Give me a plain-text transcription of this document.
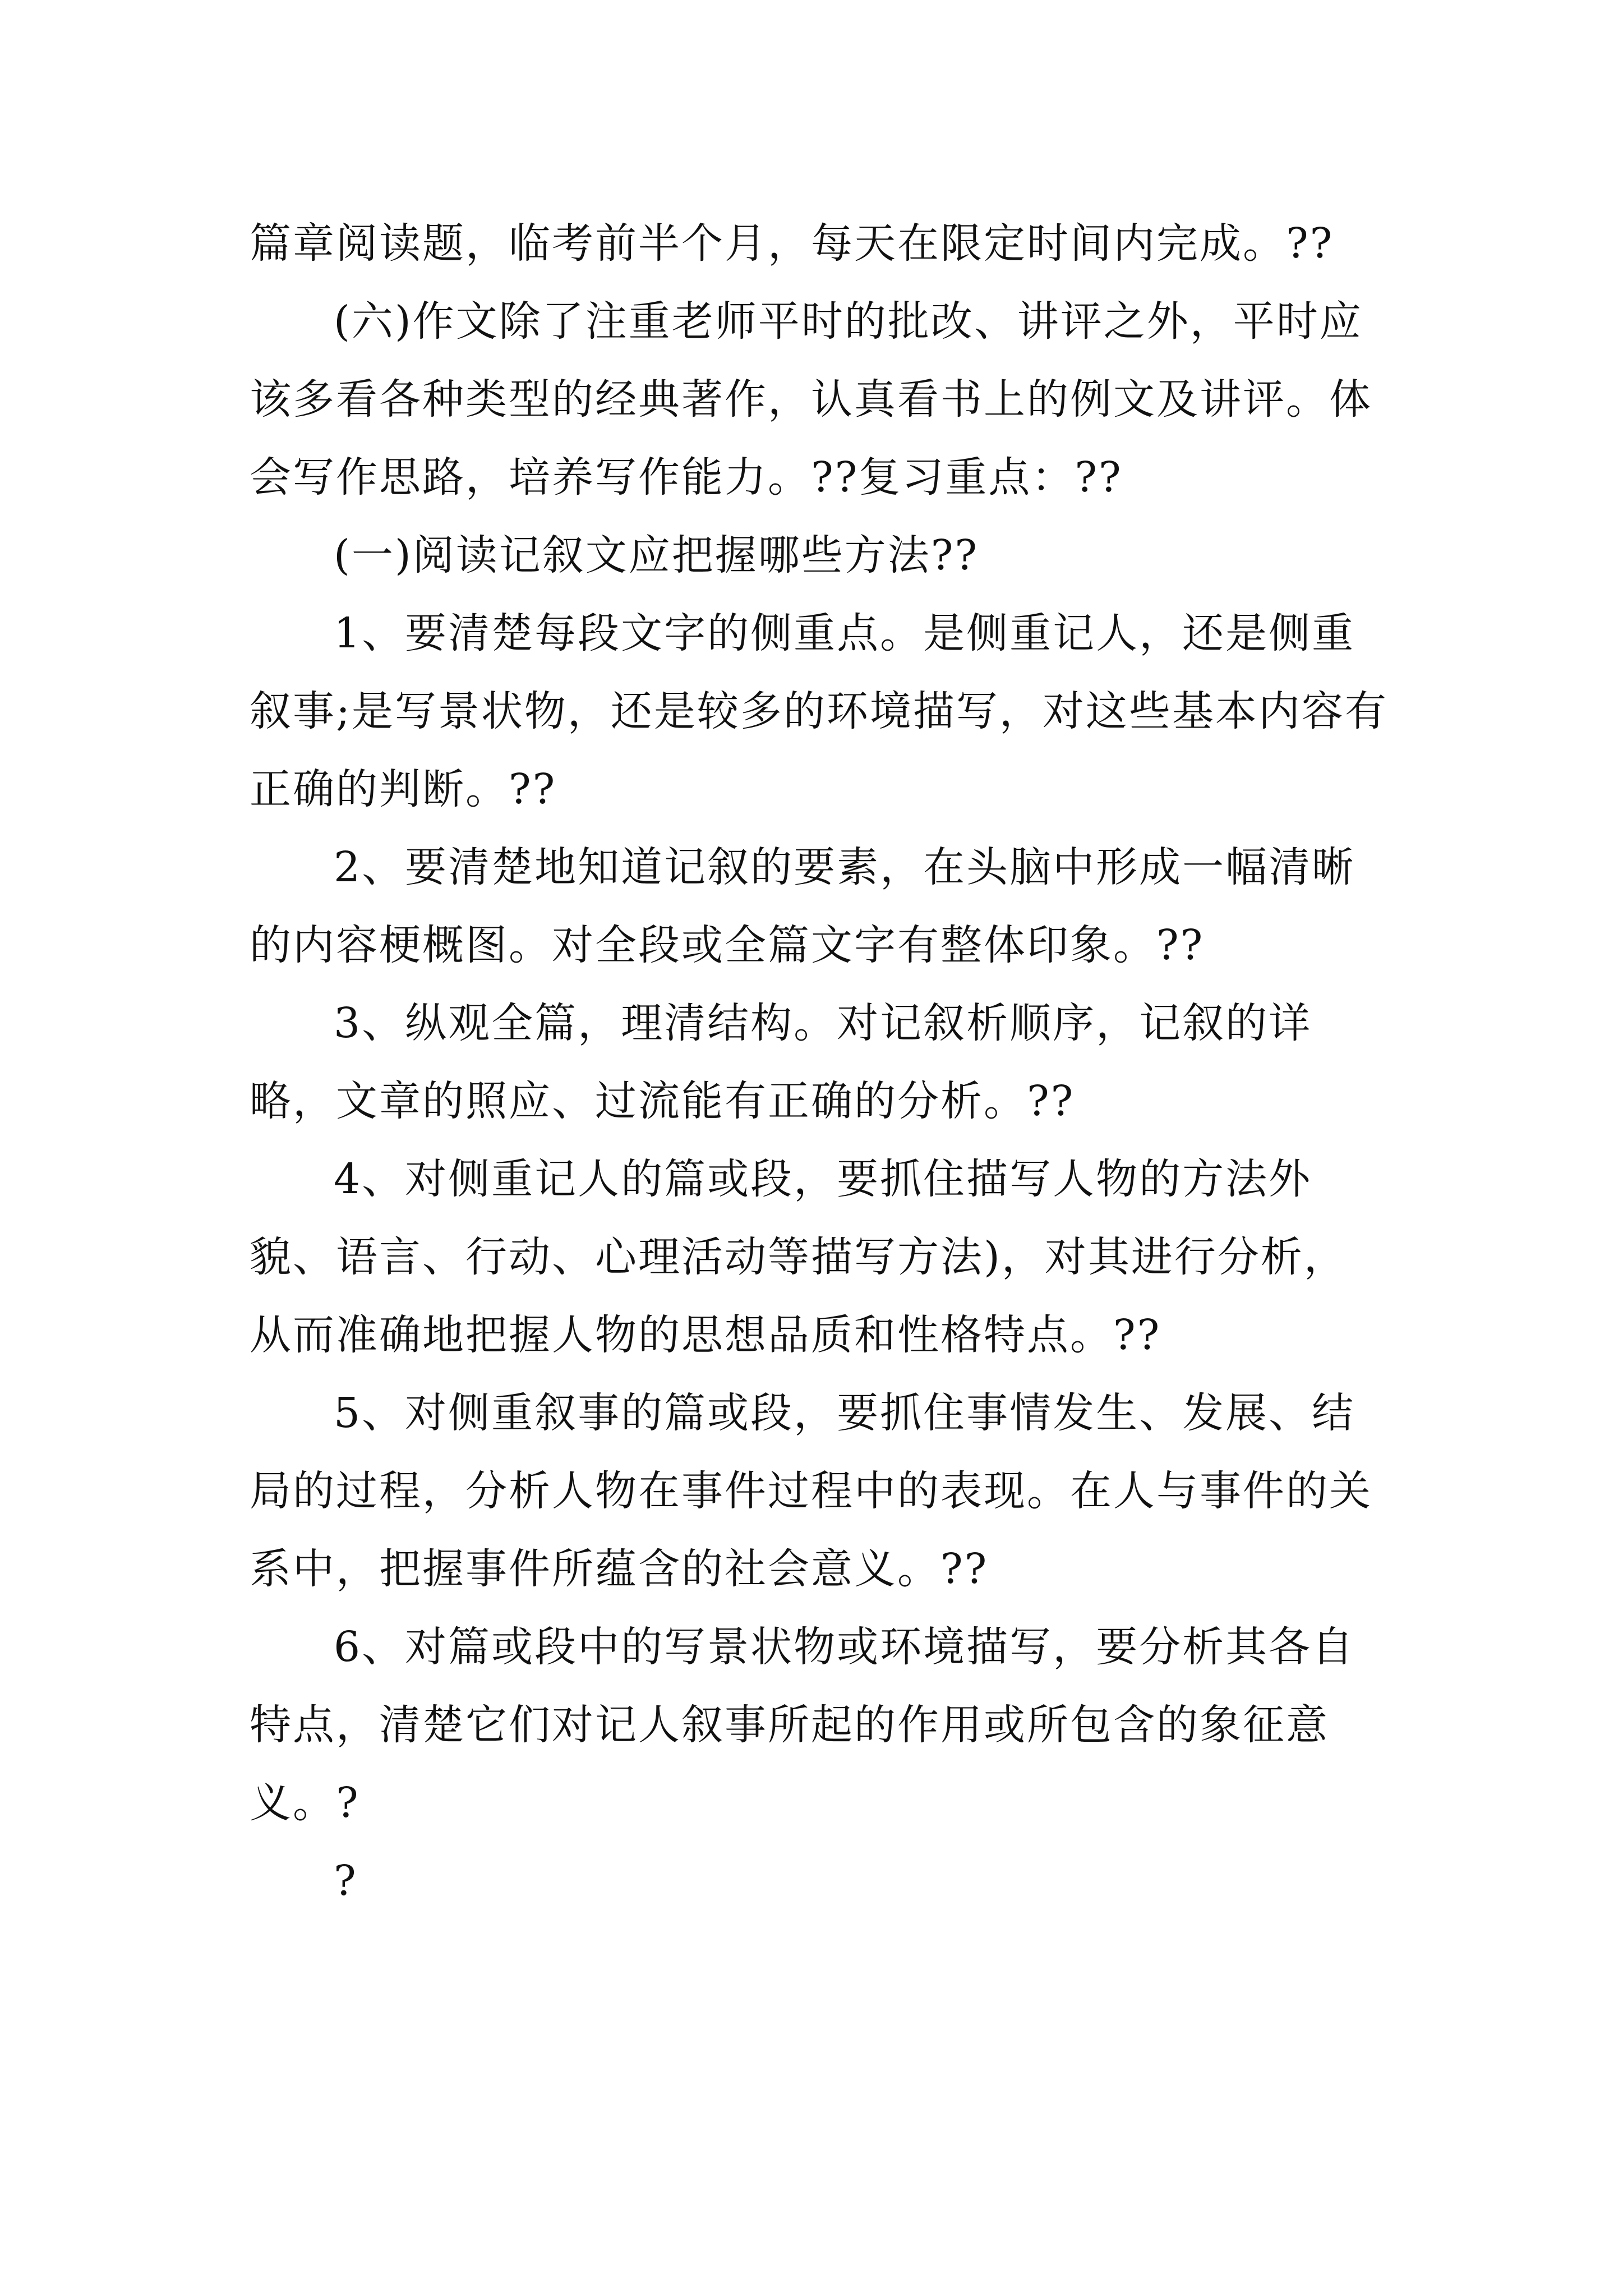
篇章阅读题，临考前半个月，每天在限定时间内完成。??

(六)作文除了注重老师平时的批改、讲评之外，平时应该多看各种类型的经典著作，认真看书上的例文及讲评。体会写作思路，培养写作能力。??复习重点：??

(一)阅读记叙文应把握哪些方法??

1、要清楚每段文字的侧重点。是侧重记人，还是侧重叙事;是写景状物，还是较多的环境描写，对这些基本内容有正确的判断。??

2、要清楚地知道记叙的要素，在头脑中形成一幅清晰的内容梗概图。对全段或全篇文字有整体印象。??

3、纵观全篇，理清结构。对记叙析顺序，记叙的详略，文章的照应、过流能有正确的分析。??

4、对侧重记人的篇或段，要抓住描写人物的方法外貌、语言、行动、心理活动等描写方法)，对其进行分析，从而准确地把握人物的思想品质和性格特点。??

5、对侧重叙事的篇或段，要抓住事情发生、发展、结局的过程，分析人物在事件过程中的表现。在人与事件的关系中，把握事件所蕴含的社会意义。??

6、对篇或段中的写景状物或环境描写，要分析其各自特点，清楚它们对记人叙事所起的作用或所包含的象征意义。?

?
